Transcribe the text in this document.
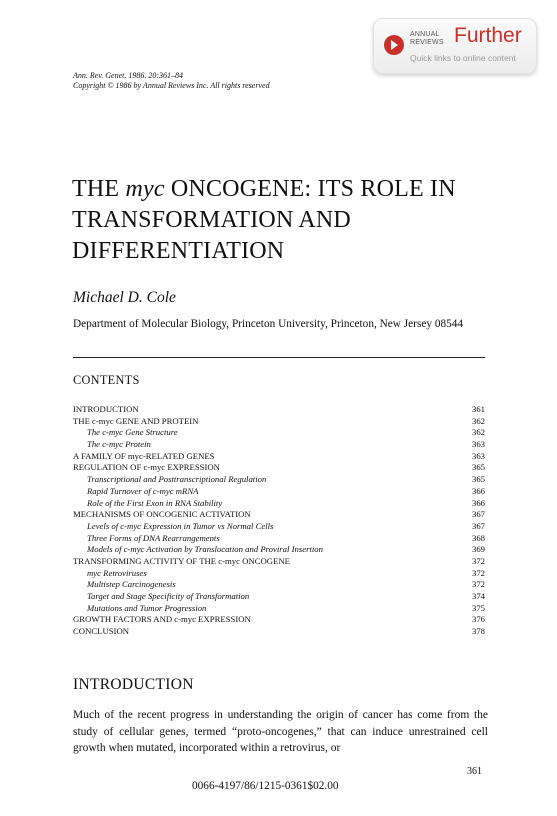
ANNUAL REVIEWS Further
Quick links to online content
Ann. Rev. Genet. 1986. 20:361–84
Copyright © 1986 by Annual Reviews Inc. All rights reserved
THE myc ONCOGENE: ITS ROLE IN TRANSFORMATION AND DIFFERENTIATION
Michael D. Cole
Department of Molecular Biology, Princeton University, Princeton, New Jersey 08544
CONTENTS
INTRODUCTION	361
THE c-myc GENE AND PROTEIN	362
The c-myc Gene Structure	362
The c-myc Protein	363
A FAMILY OF myc-RELATED GENES	363
REGULATION OF c-myc EXPRESSION	365
Transcriptional and Posttranscriptional Regulation	365
Rapid Turnover of c-myc mRNA	366
Role of the First Exon in RNA Stability	366
MECHANISMS OF ONCOGENIC ACTIVATION	367
Levels of c-myc Expression in Tumor vs Normal Cells	367
Three Forms of DNA Rearrangements	368
Models of c-myc Activation by Translocation and Proviral Insertion	369
TRANSFORMING ACTIVITY OF THE c-myc ONCOGENE	372
myc Retroviruses	372
Multistep Carcinogenesis	372
Target and Stage Specificity of Transformation	374
Mutations and Tumor Progression	375
GROWTH FACTORS AND c-myc EXPRESSION	376
CONCLUSION	378
INTRODUCTION

Much of the recent progress in understanding the origin of cancer has come from the study of cellular genes, termed “proto-oncogenes,” that can induce unrestrained cell growth when mutated, incorporated within a retrovirus, or

361
0066-4197/86/1215-0361$02.00
